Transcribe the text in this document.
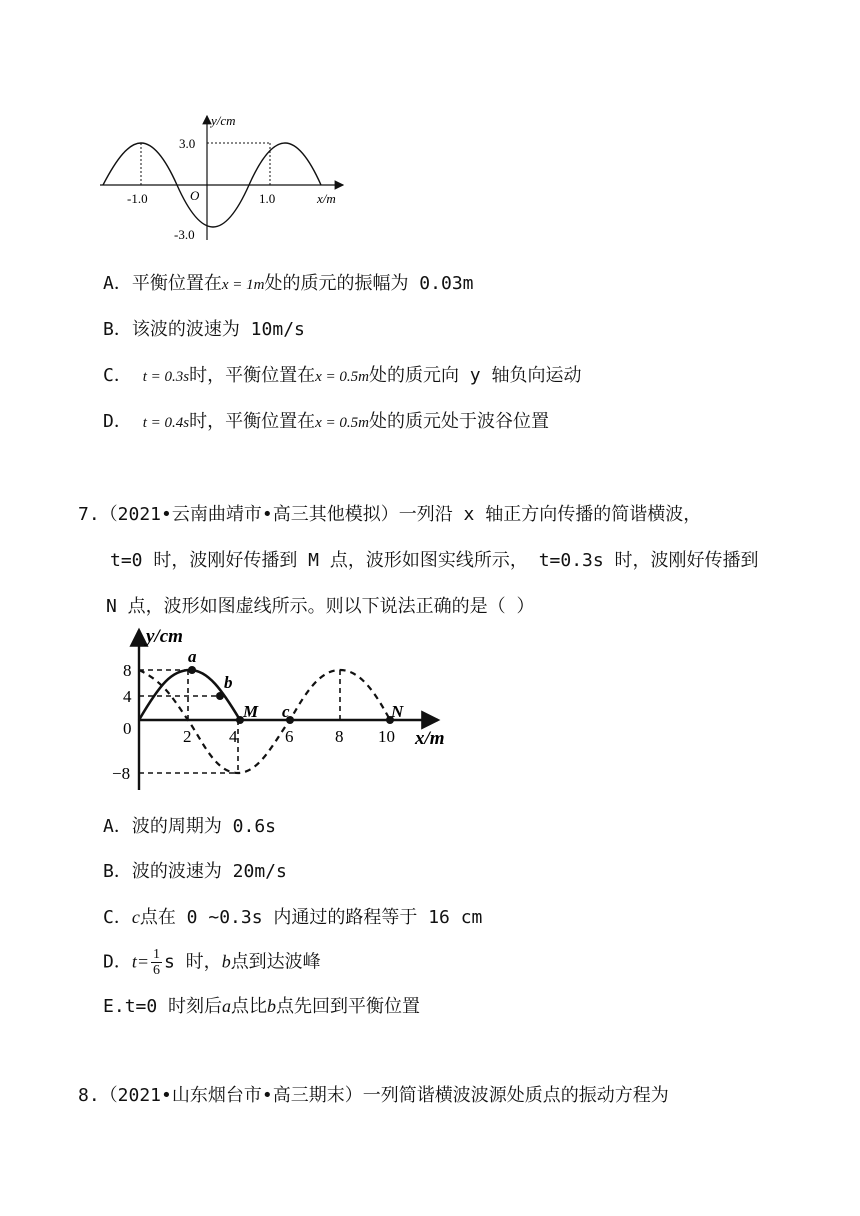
y/cm
x/m
O
-1.0	1.0
3.0
-3.0
A．平衡位置在x = 1m处的质元的振幅为 0.03m
B．该波的波速为 10m/s
C． t = 0.3s时，平衡位置在x = 0.5m处的质元向 y 轴负向运动
D． t = 0.4s时，平衡位置在x = 0.5m处的质元处于波谷位置
7.（2021•云南曲靖市•高三其他模拟）一列沿 x 轴正方向传播的简谐横波，
t=0 时，波刚好传播到 M 点，波形如图实线所示， t=0.3s 时，波刚好传播到
N 点，波形如图虚线所示。则以下说法正确的是（ ）
y/cm
x/m
8
4
0
−8
2 4	6 8 10
a
b
M c	N
A．波的周期为 0.6s
B．波的波速为 20m/s
C．c点在 0 ~0.3s 内通过的路程等于 16 cm
D．$t= \frac{1}{6}$ s 时，b点到达波峰
E.t=0 时刻后a点比b点先回到平衡位置
8.（2021•山东烟台市•高三期末）一列简谐横波波源处质点的振动方程为
